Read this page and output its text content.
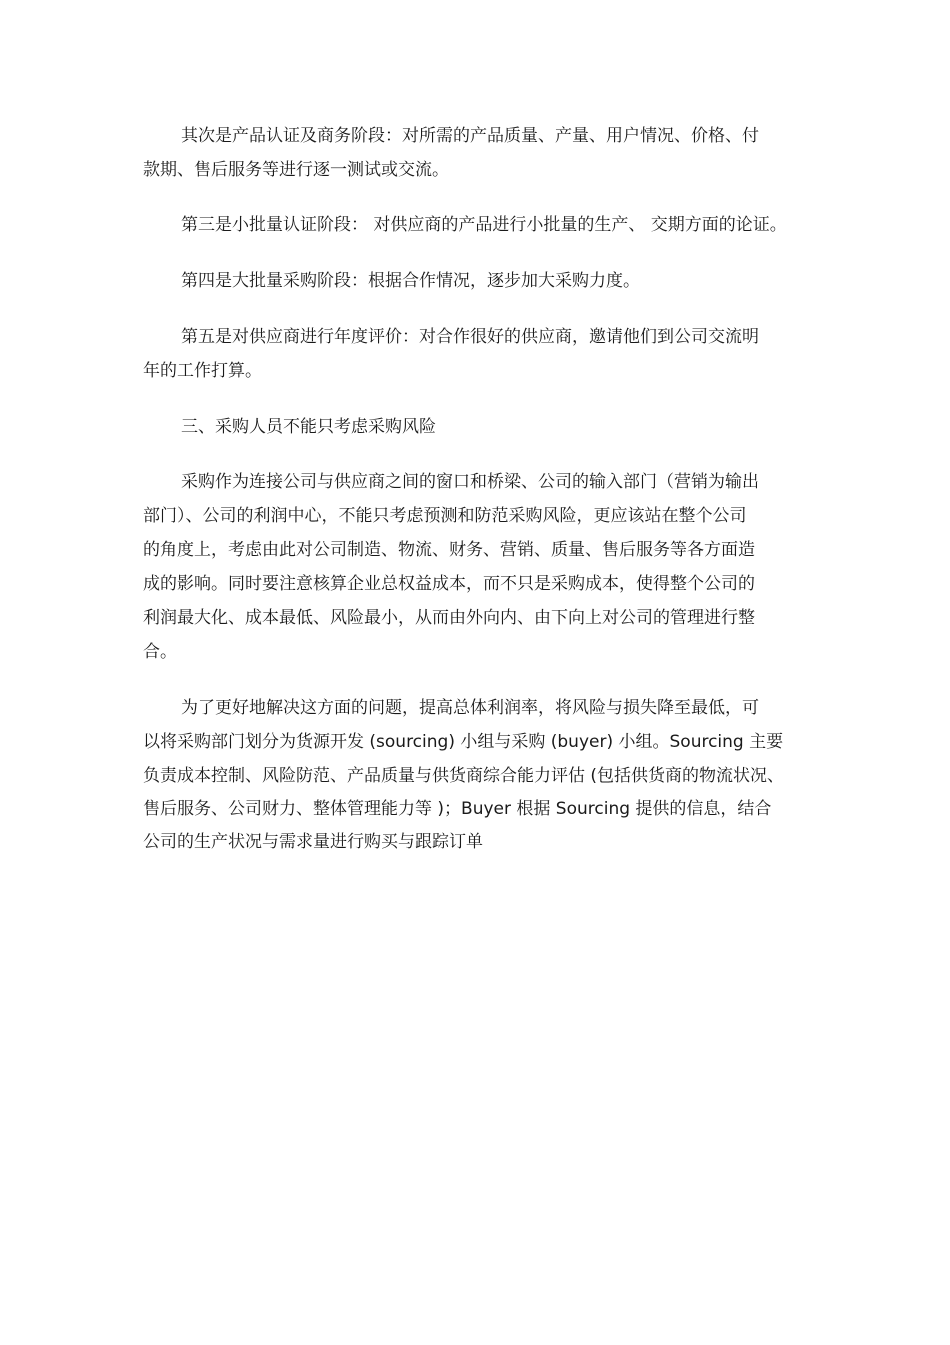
其次是产品认证及商务阶段：对所需的产品质量、产量、用户情况、价格、付

款期、售后服务等进行逐一测试或交流。

第三是小批量认证阶段： 对供应商的产品进行小批量的生产、 交期方面的论证。

第四是大批量采购阶段：根据合作情况，逐步加大采购力度。

第五是对供应商进行年度评价：对合作很好的供应商，邀请他们到公司交流明

年的工作打算。

三、采购人员不能只考虑采购风险

采购作为连接公司与供应商之间的窗口和桥梁、公司的输入部门（营销为输出

部门）、公司的利润中心，不能只考虑预测和防范采购风险，更应该站在整个公司

的角度上，考虑由此对公司制造、物流、财务、营销、质量、售后服务等各方面造

成的影响。同时要注意核算企业总权益成本，而不只是采购成本，使得整个公司的

利润最大化、成本最低、风险最小，从而由外向内、由下向上对公司的管理进行整

合。

为了更好地解决这方面的问题，提高总体利润率，将风险与损失降至最低，可

以将采购部门划分为货源开发 (sourcing) 小组与采购 (buyer) 小组。Sourcing 主要

负责成本控制、风险防范、产品质量与供货商综合能力评估 (包括供货商的物流状况、

售后服务、公司财力、整体管理能力等 )；Buyer 根据 Sourcing 提供的信息，结合

公司的生产状况与需求量进行购买与跟踪订单
